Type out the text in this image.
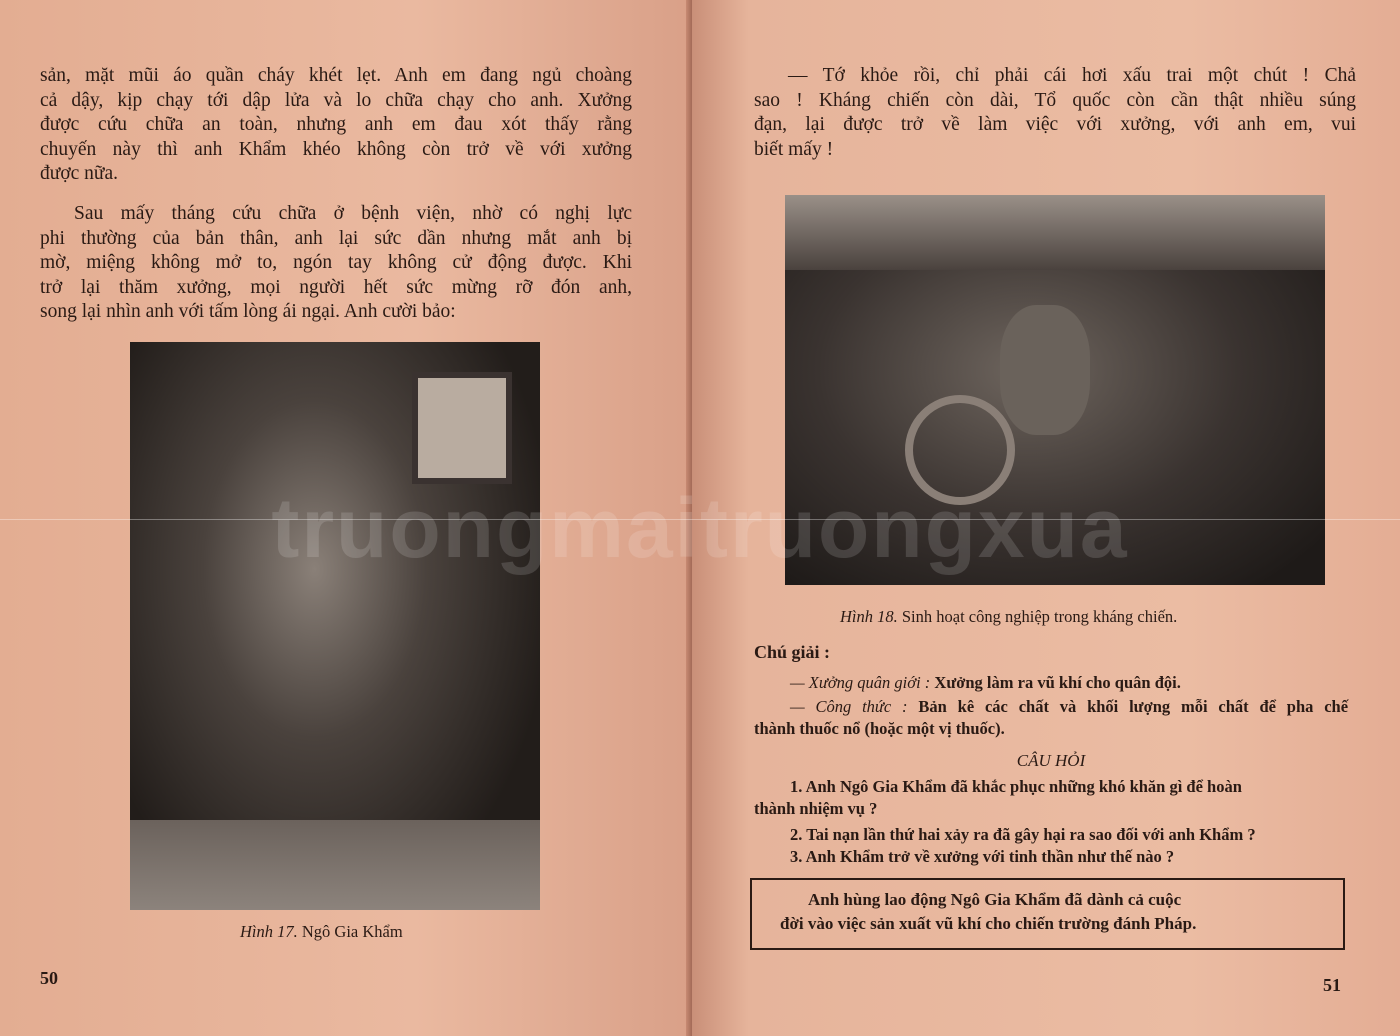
sản, mặt mũi áo quần cháy khét lẹt. Anh em đang ngủ choàng
cả dậy, kịp chạy tới dập lửa và lo chữa chạy cho anh. Xưởng
được cứu chữa an toàn, nhưng anh em đau xót thấy rằng
chuyến này thì anh Khẩm khéo không còn trở về với xưởng
được nữa.
Sau mấy tháng cứu chữa ở bệnh viện, nhờ có nghị lực
phi thường của bản thân, anh lại sức dần nhưng mắt anh bị
mờ, miệng không mở to, ngón tay không cử động được. Khi
trở lại thăm xưởng, mọi người hết sức mừng rỡ đón anh,
song lại nhìn anh với tấm lòng ái ngại. Anh cười bảo:
Hình 17. Ngô Gia Khẩm
50
— Tớ khỏe rồi, chỉ phải cái hơi xấu trai một chút ! Chả
sao ! Kháng chiến còn dài, Tổ quốc còn cần thật nhiều súng
đạn, lại được trở về làm việc với xưởng, với anh em, vui
biết mấy !
Hình 18. Sinh hoạt công nghiệp trong kháng chiến.
Chú giải :
— Xưởng quân giới : Xưởng làm ra vũ khí cho quân đội.
— Công thức : Bản kê các chất và khối lượng mỗi chất để pha chế
thành thuốc nổ (hoặc một vị thuốc).
CÂU HỎI
1. Anh Ngô Gia Khẩm đã khắc phục những khó khăn gì để hoàn
thành nhiệm vụ ?
2. Tai nạn lần thứ hai xảy ra đã gây hại ra sao đối với anh Khẩm ?
3. Anh Khẩm trở về xưởng với tinh thần như thế nào ?
Anh hùng lao động Ngô Gia Khẩm đã dành cả cuộc
đời vào việc sản xuất vũ khí cho chiến trường đánh Pháp.
51
